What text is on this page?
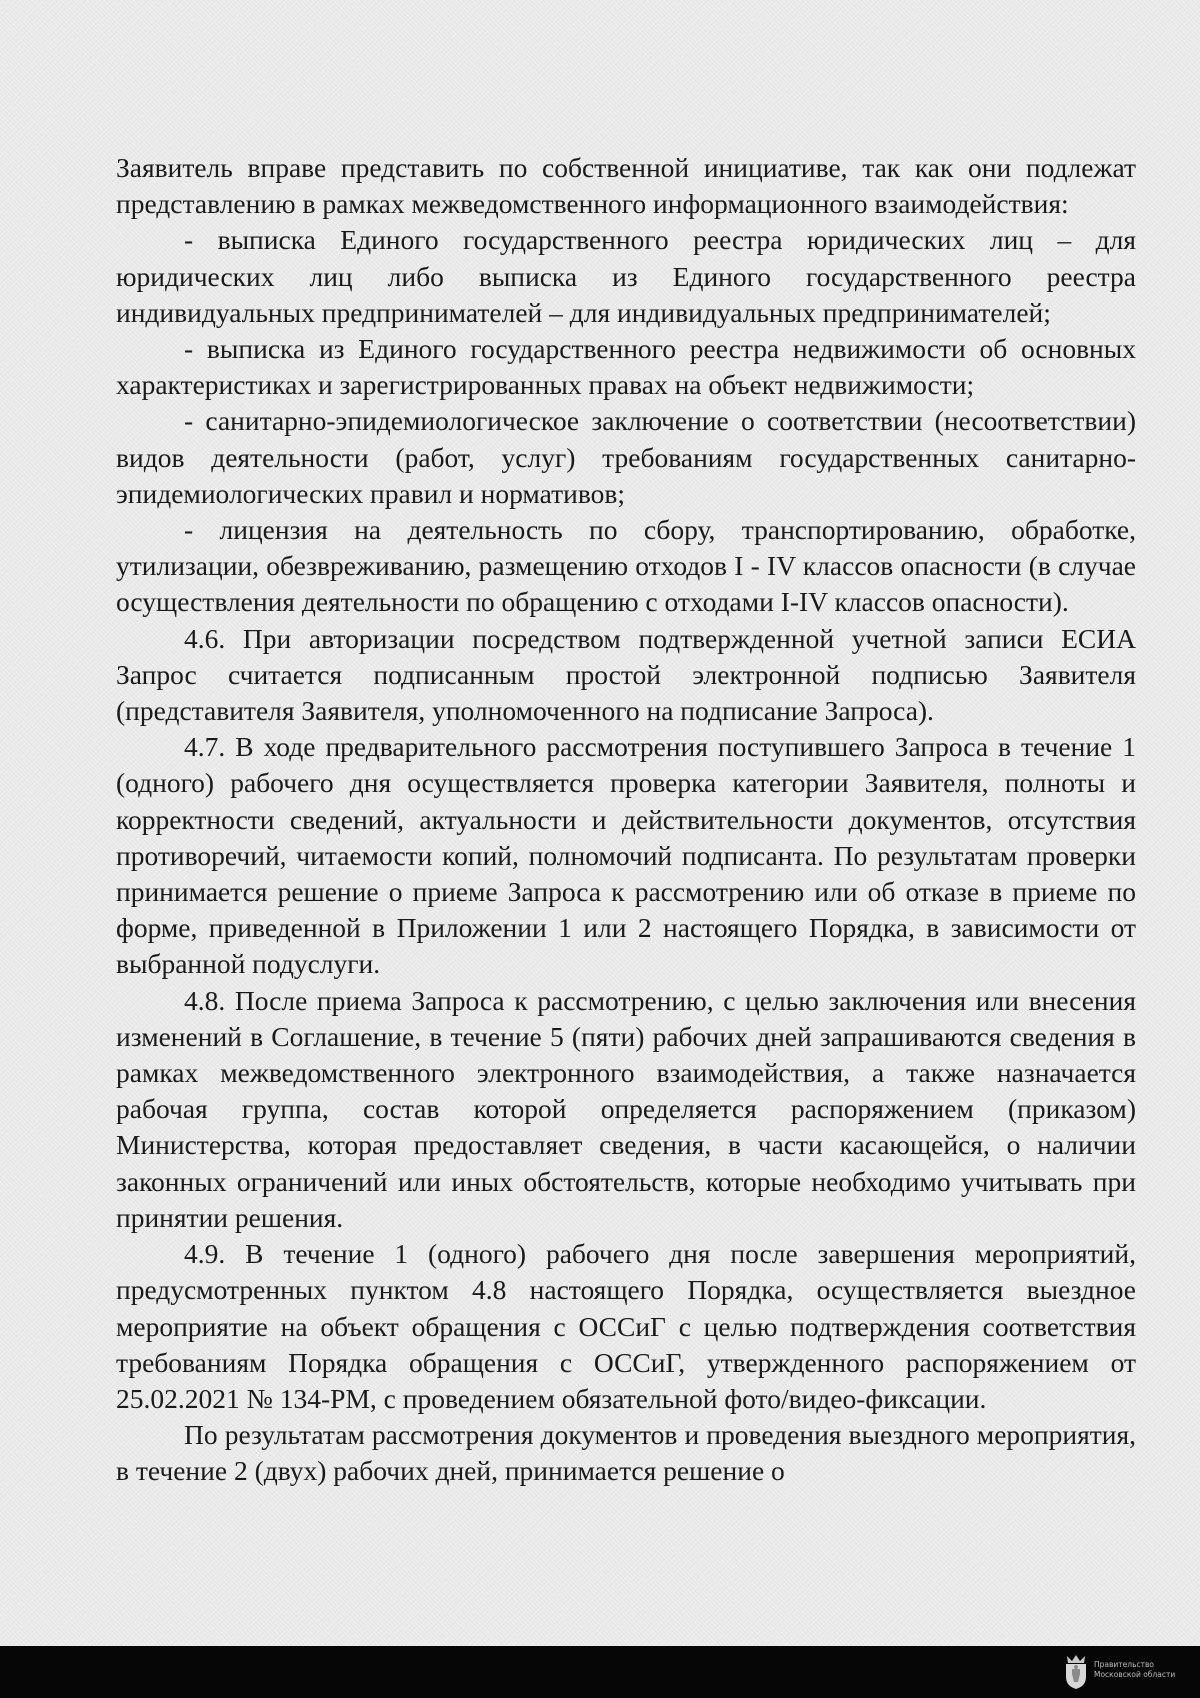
Заявитель вправе представить по собственной инициативе, так как они подлежат представлению в рамках межведомственного информационного взаимодействия:

- выписка Единого государственного реестра юридических лиц – для юридических лиц либо выписка из Единого государственного реестра индивидуальных предпринимателей – для индивидуальных предпринимателей;

- выписка из Единого государственного реестра недвижимости об основных характеристиках и зарегистрированных правах на объект недвижимости;

- санитарно-эпидемиологическое заключение о соответствии (несоответствии) видов деятельности (работ, услуг) требованиям государственных санитарно-эпидемиологических правил и нормативов;

- лицензия на деятельность по сбору, транспортированию, обработке, утилизации, обезвреживанию, размещению отходов I - IV классов опасности (в случае осуществления деятельности по обращению с отходами I-IV классов опасности).

4.6. При авторизации посредством подтвержденной учетной записи ЕСИА Запрос считается подписанным простой электронной подписью Заявителя (представителя Заявителя, уполномоченного на подписание Запроса).

4.7. В ходе предварительного рассмотрения поступившего Запроса в течение 1 (одного) рабочего дня осуществляется проверка категории Заявителя, полноты и корректности сведений, актуальности и действительности документов, отсутствия противоречий, читаемости копий, полномочий подписанта. По результатам проверки принимается решение о приеме Запроса к рассмотрению или об отказе в приеме по форме, приведенной в Приложении 1 или 2 настоящего Порядка, в зависимости от выбранной подуслуги.

4.8. После приема Запроса к рассмотрению, с целью заключения или внесения изменений в Соглашение, в течение 5 (пяти) рабочих дней запрашиваются сведения в рамках межведомственного электронного взаимодействия, а также назначается рабочая группа, состав которой определяется распоряжением (приказом) Министерства, которая предоставляет сведения, в части касающейся, о наличии законных ограничений или иных обстоятельств, которые необходимо учитывать при принятии решения.

4.9. В течение 1 (одного) рабочего дня после завершения мероприятий, предусмотренных пунктом 4.8 настоящего Порядка, осуществляется выездное мероприятие на объект обращения с ОССиГ с целью подтверждения соответствия требованиям Порядка обращения с ОССиГ, утвержденного распоряжением от 25.02.2021 № 134-РМ, с проведением обязательной фото/видео-фиксации.

По результатам рассмотрения документов и проведения выездного мероприятия, в течение 2 (двух) рабочих дней, принимается решение о

Правительство
Московской области
